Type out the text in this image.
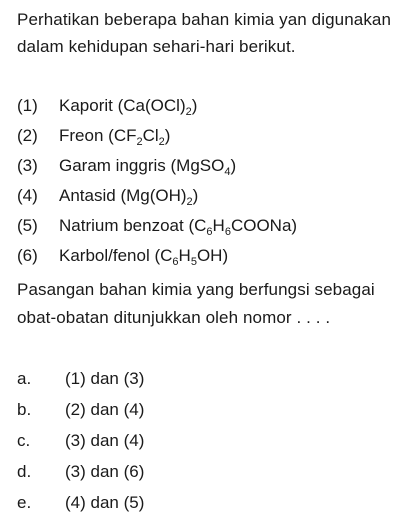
Perhatikan beberapa bahan kimia yan digunakan dalam kehidupan sehari-hari berikut.
(1)	Kaporit $(Ca(OCl)_2)$
(2)	Freon $(CF_2Cl_2)$
(3)	Garam inggris (MgSO$_4$)
(4)	Antasid $(Mg(OH)_2)$
(5)	Natrium benzoat $(C_6H_6COONa)$
(6)	Karbol/fenol $(C_6H_5OH)$
Pasangan bahan kimia yang berfungsi sebagai obat-obatan ditunjukkan oleh nomor . . . .
a.	(1) dan (3)
b.	(2) dan (4)
c.	(3) dan (4)
d.	(3) dan (6)
e.	(4) dan (5)
